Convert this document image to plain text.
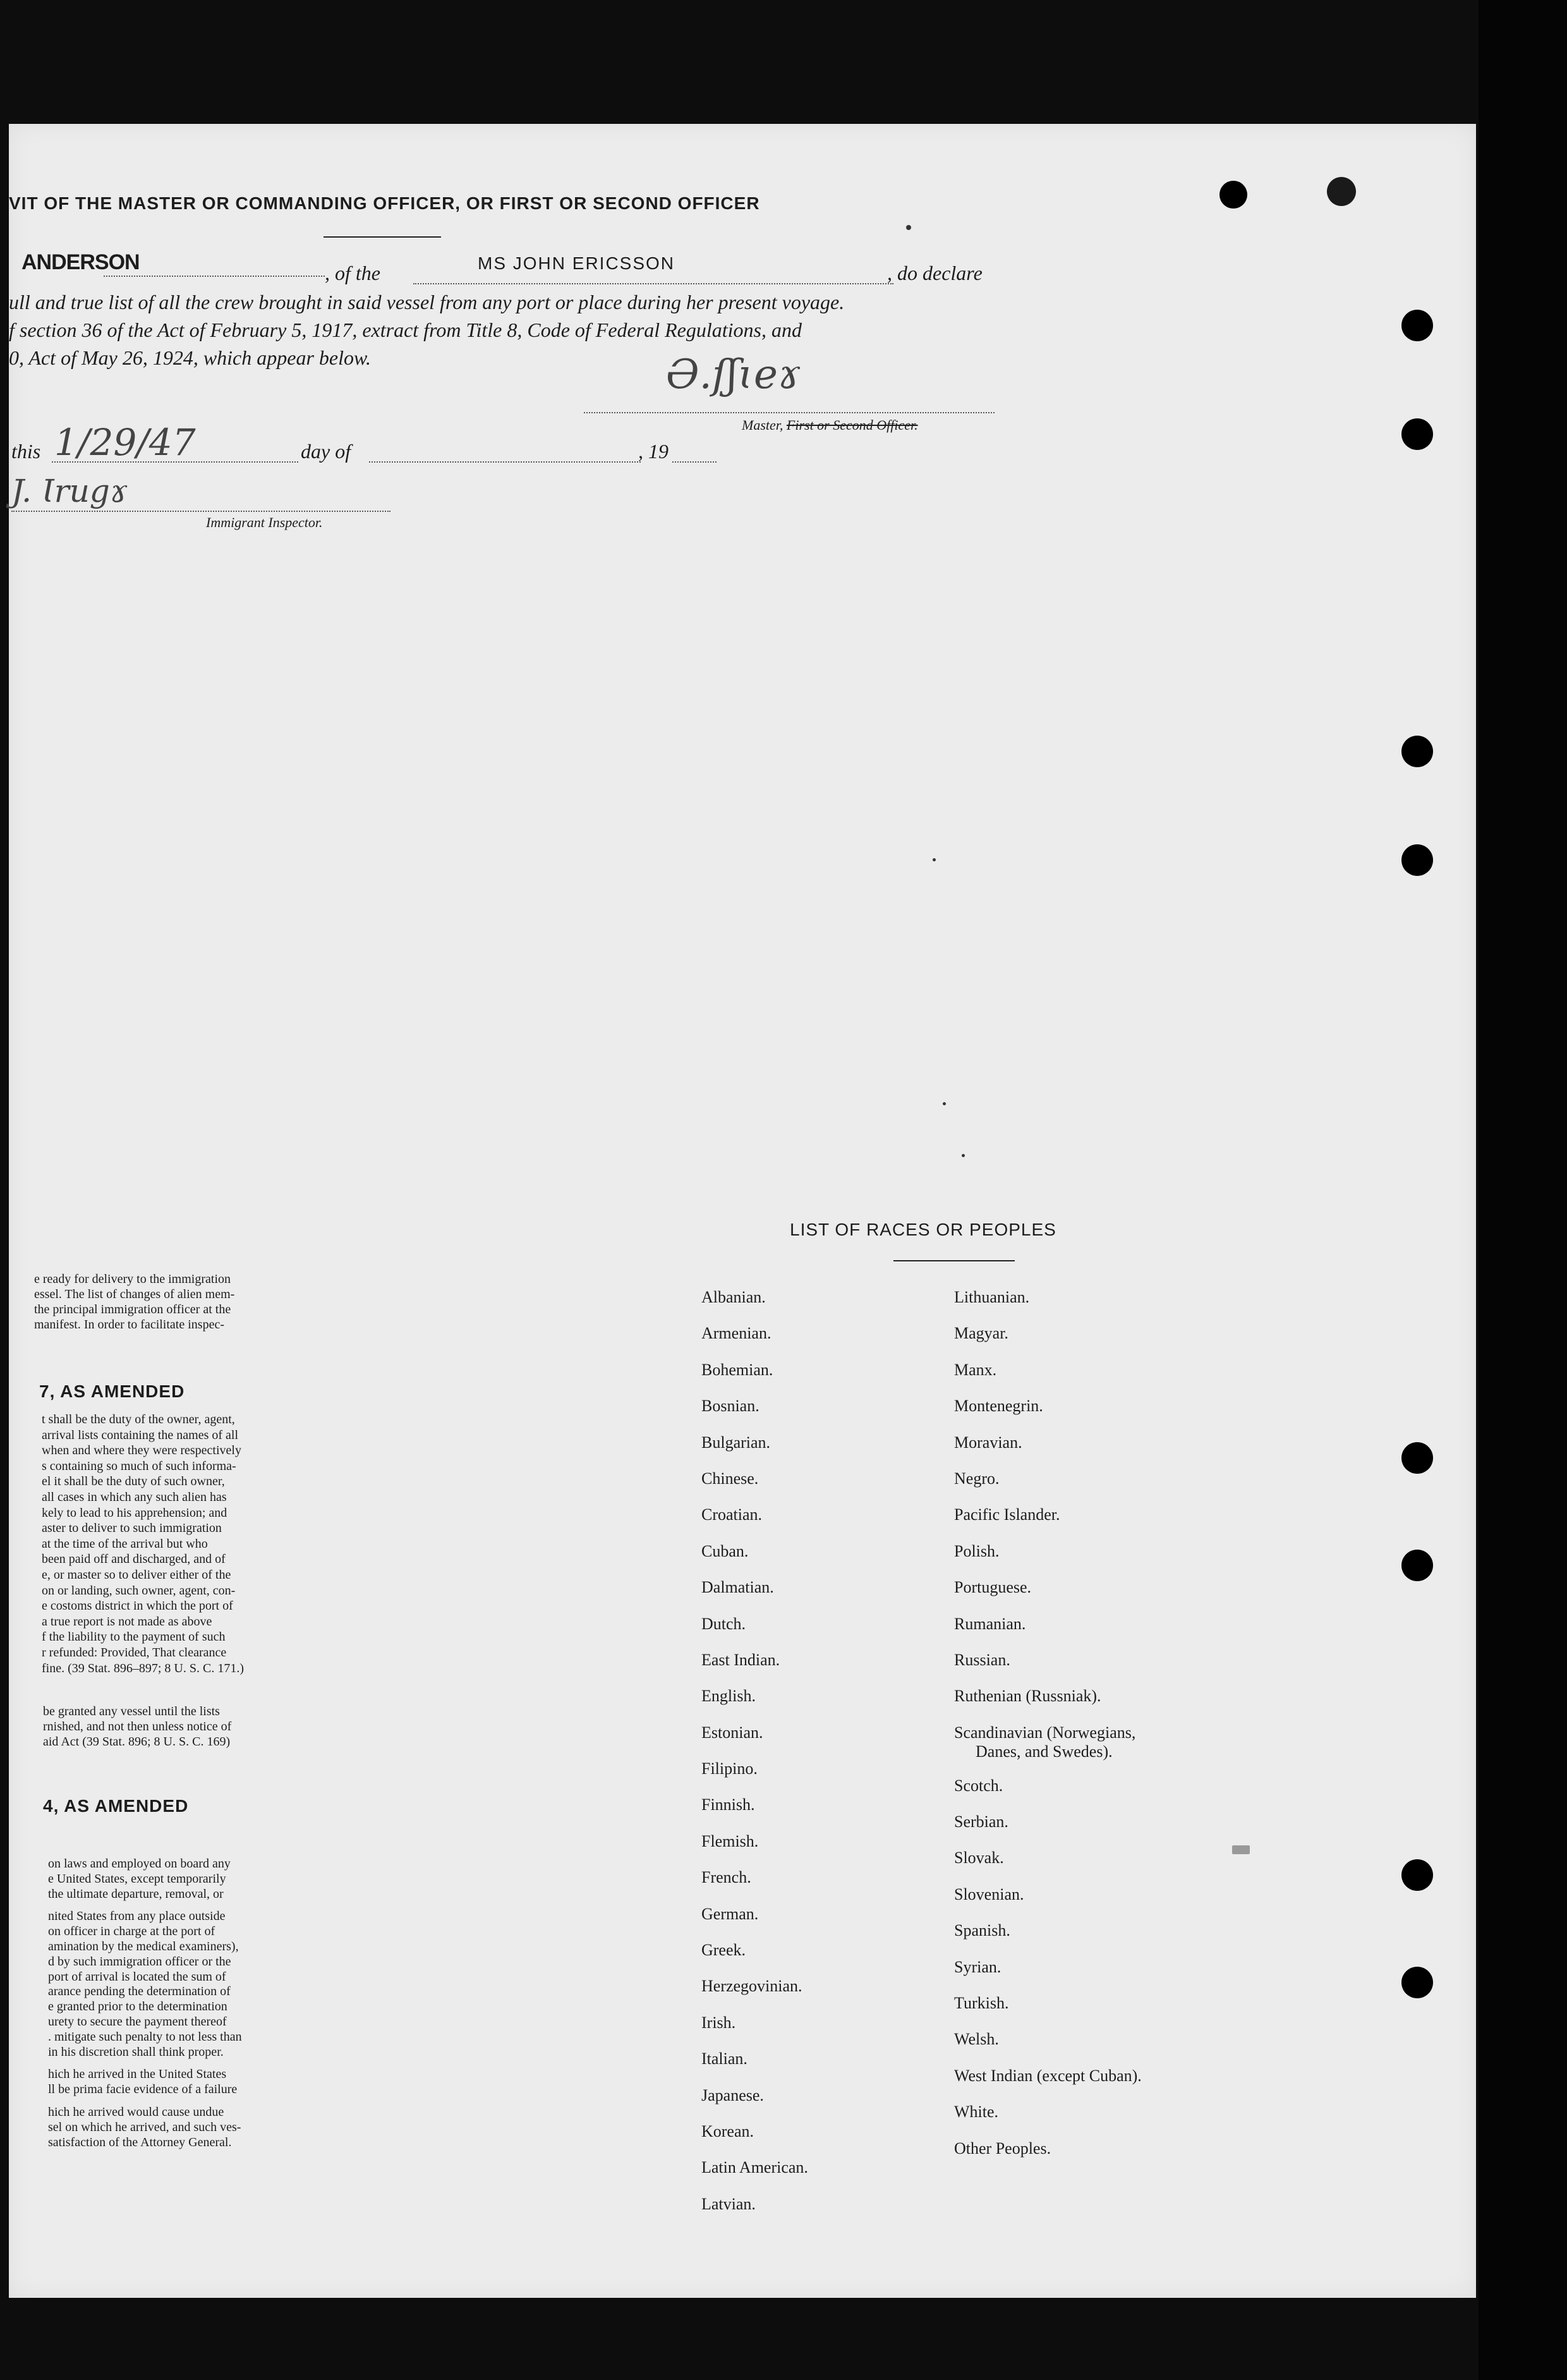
VIT OF THE MASTER OR COMMANDING OFFICER, OR FIRST OR SECOND OFFICER
ANDERSON	, of the	MS JOHN ERICSSON	, do declare
ull and true list of all the crew brought in said vessel from any port or place during her present voyage.
f section 36 of the Act of February 5, 1917, extract from Title 8, Code of Federal Regulations, and
0, Act of May 26, 1924, which appear below.	Ə.ſʃɩeɤ
Master, First or Second Officer.
this 1/29/47	day of	, 19
J. Ɩrugɤ
Immigrant Inspector.
e ready for delivery to the immigration
essel. The list of changes of alien mem-
the principal immigration officer at the
manifest. In order to facilitate inspec-
7, AS AMENDED
t shall be the duty of the owner, agent,
arrival lists containing the names of all
when and where they were respectively
s containing so much of such informa-
el it shall be the duty of such owner,
all cases in which any such alien has
kely to lead to his apprehension; and
aster to deliver to such immigration
at the time of the arrival but who
been paid off and discharged, and of
e, or master so to deliver either of the
on or landing, such owner, agent, con-
e costoms district in which the port of
a true report is not made as above
f the liability to the payment of such
r refunded: Provided, That clearance
fine. (39 Stat. 896–897; 8 U. S. C. 171.)
be granted any vessel until the lists
rnished, and not then unless notice of
aid Act (39 Stat. 896; 8 U. S. C. 169)
4, AS AMENDED
on laws and employed on board any
e United States, except temporarily
the ultimate departure, removal, or
nited States from any place outside
on officer in charge at the port of
amination by the medical examiners),
d by such immigration officer or the
port of arrival is located the sum of
arance pending the determination of
e granted prior to the determination
urety to secure the payment thereof
. mitigate such penalty to not less than
in his discretion shall think proper.
hich he arrived in the United States
ll be prima facie evidence of a failure
hich he arrived would cause undue
sel on which he arrived, and such ves-
satisfaction of the Attorney General.
LIST OF RACES OR PEOPLES
Albanian.
Armenian.
Bohemian.
Bosnian.
Bulgarian.
Chinese.
Croatian.
Cuban.
Dalmatian.
Dutch.
East Indian.
English.
Estonian.
Filipino.
Finnish.
Flemish.
French.
German.
Greek.
Herzegovinian.
Irish.
Italian.
Japanese.
Korean.
Latin American.
Latvian.
Lithuanian.
Magyar.
Manx.
Montenegrin.
Moravian.
Negro.
Pacific Islander.
Polish.
Portuguese.
Rumanian.
Russian.
Ruthenian (Russniak).
Scandinavian (Norwegians,
Danes, and Swedes).
Scotch.
Serbian.
Slovak.
Slovenian.
Spanish.
Syrian.
Turkish.
Welsh.
West Indian (except Cuban).
White.
Other Peoples.
